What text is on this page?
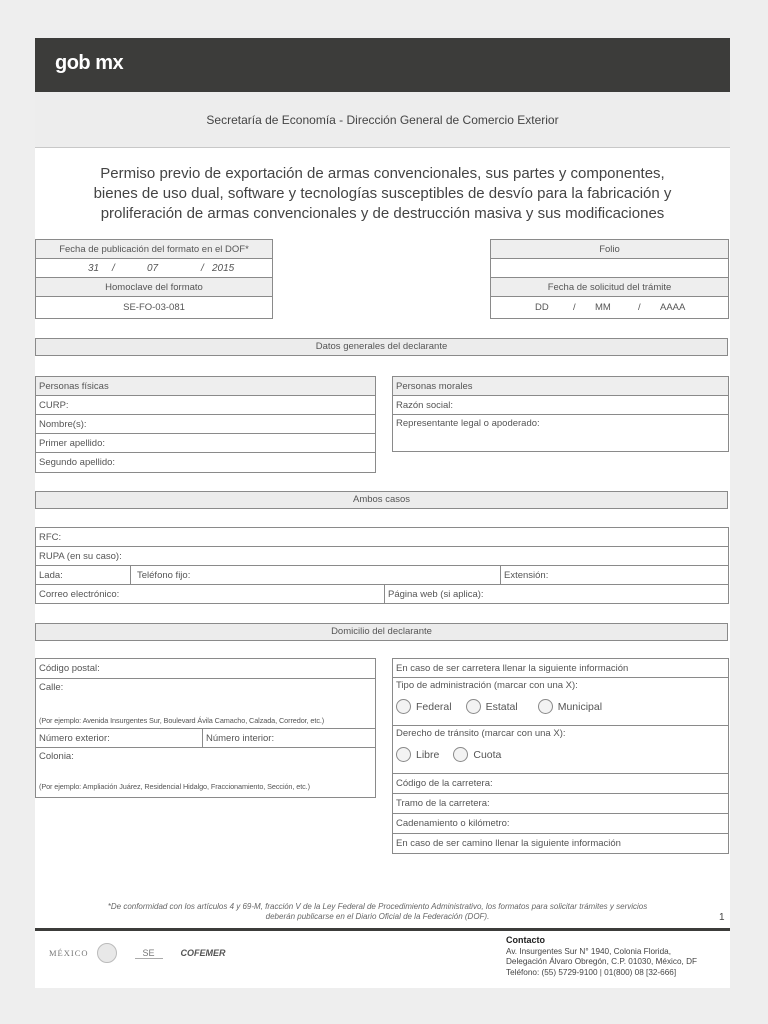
gob mx
Secretaría de Economía - Dirección General de Comercio Exterior
Permiso previo de exportación de armas convencionales, sus partes y componentes,
bienes de uso dual, software y tecnologías susceptibles de desvío para la fabricación y
proliferación de armas convencionales y de destrucción masiva y sus modificaciones
Fecha de publicación del formato en el DOF*
31 /	07	/ 2015
Homoclave del formato
SE-FO-03-081
Folio
Fecha de solicitud del trámite
DD	/ MM	/ AAAA
Datos generales del declarante
Personas físicas
CURP:
Nombre(s):
Primer apellido:
Segundo apellido:
Personas morales
Razón social:
Representante legal o apoderado:
Ambos casos
RFC:
RUPA (en su caso):
Lada:	Teléfono fijo:	Extensión:
Correo electrónico:	Página web (si aplica):
Domicilio del declarante
Código postal:
Calle:
(Por ejemplo: Avenida Insurgentes Sur, Boulevard Ávila Camacho, Calzada, Corredor, etc.)
Número exterior:	Número interior:
Colonia:
(Por ejemplo: Ampliación Juárez, Residencial Hidalgo, Fraccionamiento, Sección, etc.)
En caso de ser carretera llenar la siguiente información
Tipo de administración (marcar con una X):
Federal	Estatal	Municipal
Derecho de tránsito (marcar con una X):
Libre	Cuota
Código de la carretera:
Tramo de la carretera:
Cadenamiento o kilómetro:
En caso de ser camino llenar la siguiente información
*De conformidad con los artículos 4 y 69-M, fracción V de la Ley Federal de Procedimiento Administrativo, los formatos para solicitar trámites y servicios
deberán publicarse en el Diario Oficial de la Federación (DOF).	1
MÉXICO	SE	COFEMER
Contacto
Av. Insurgentes Sur N° 1940, Colonia Florida,
Delegación Álvaro Obregón, C.P. 01030, México, DF
Teléfono: (55) 5729-9100 | 01(800) 08 [32-666]
